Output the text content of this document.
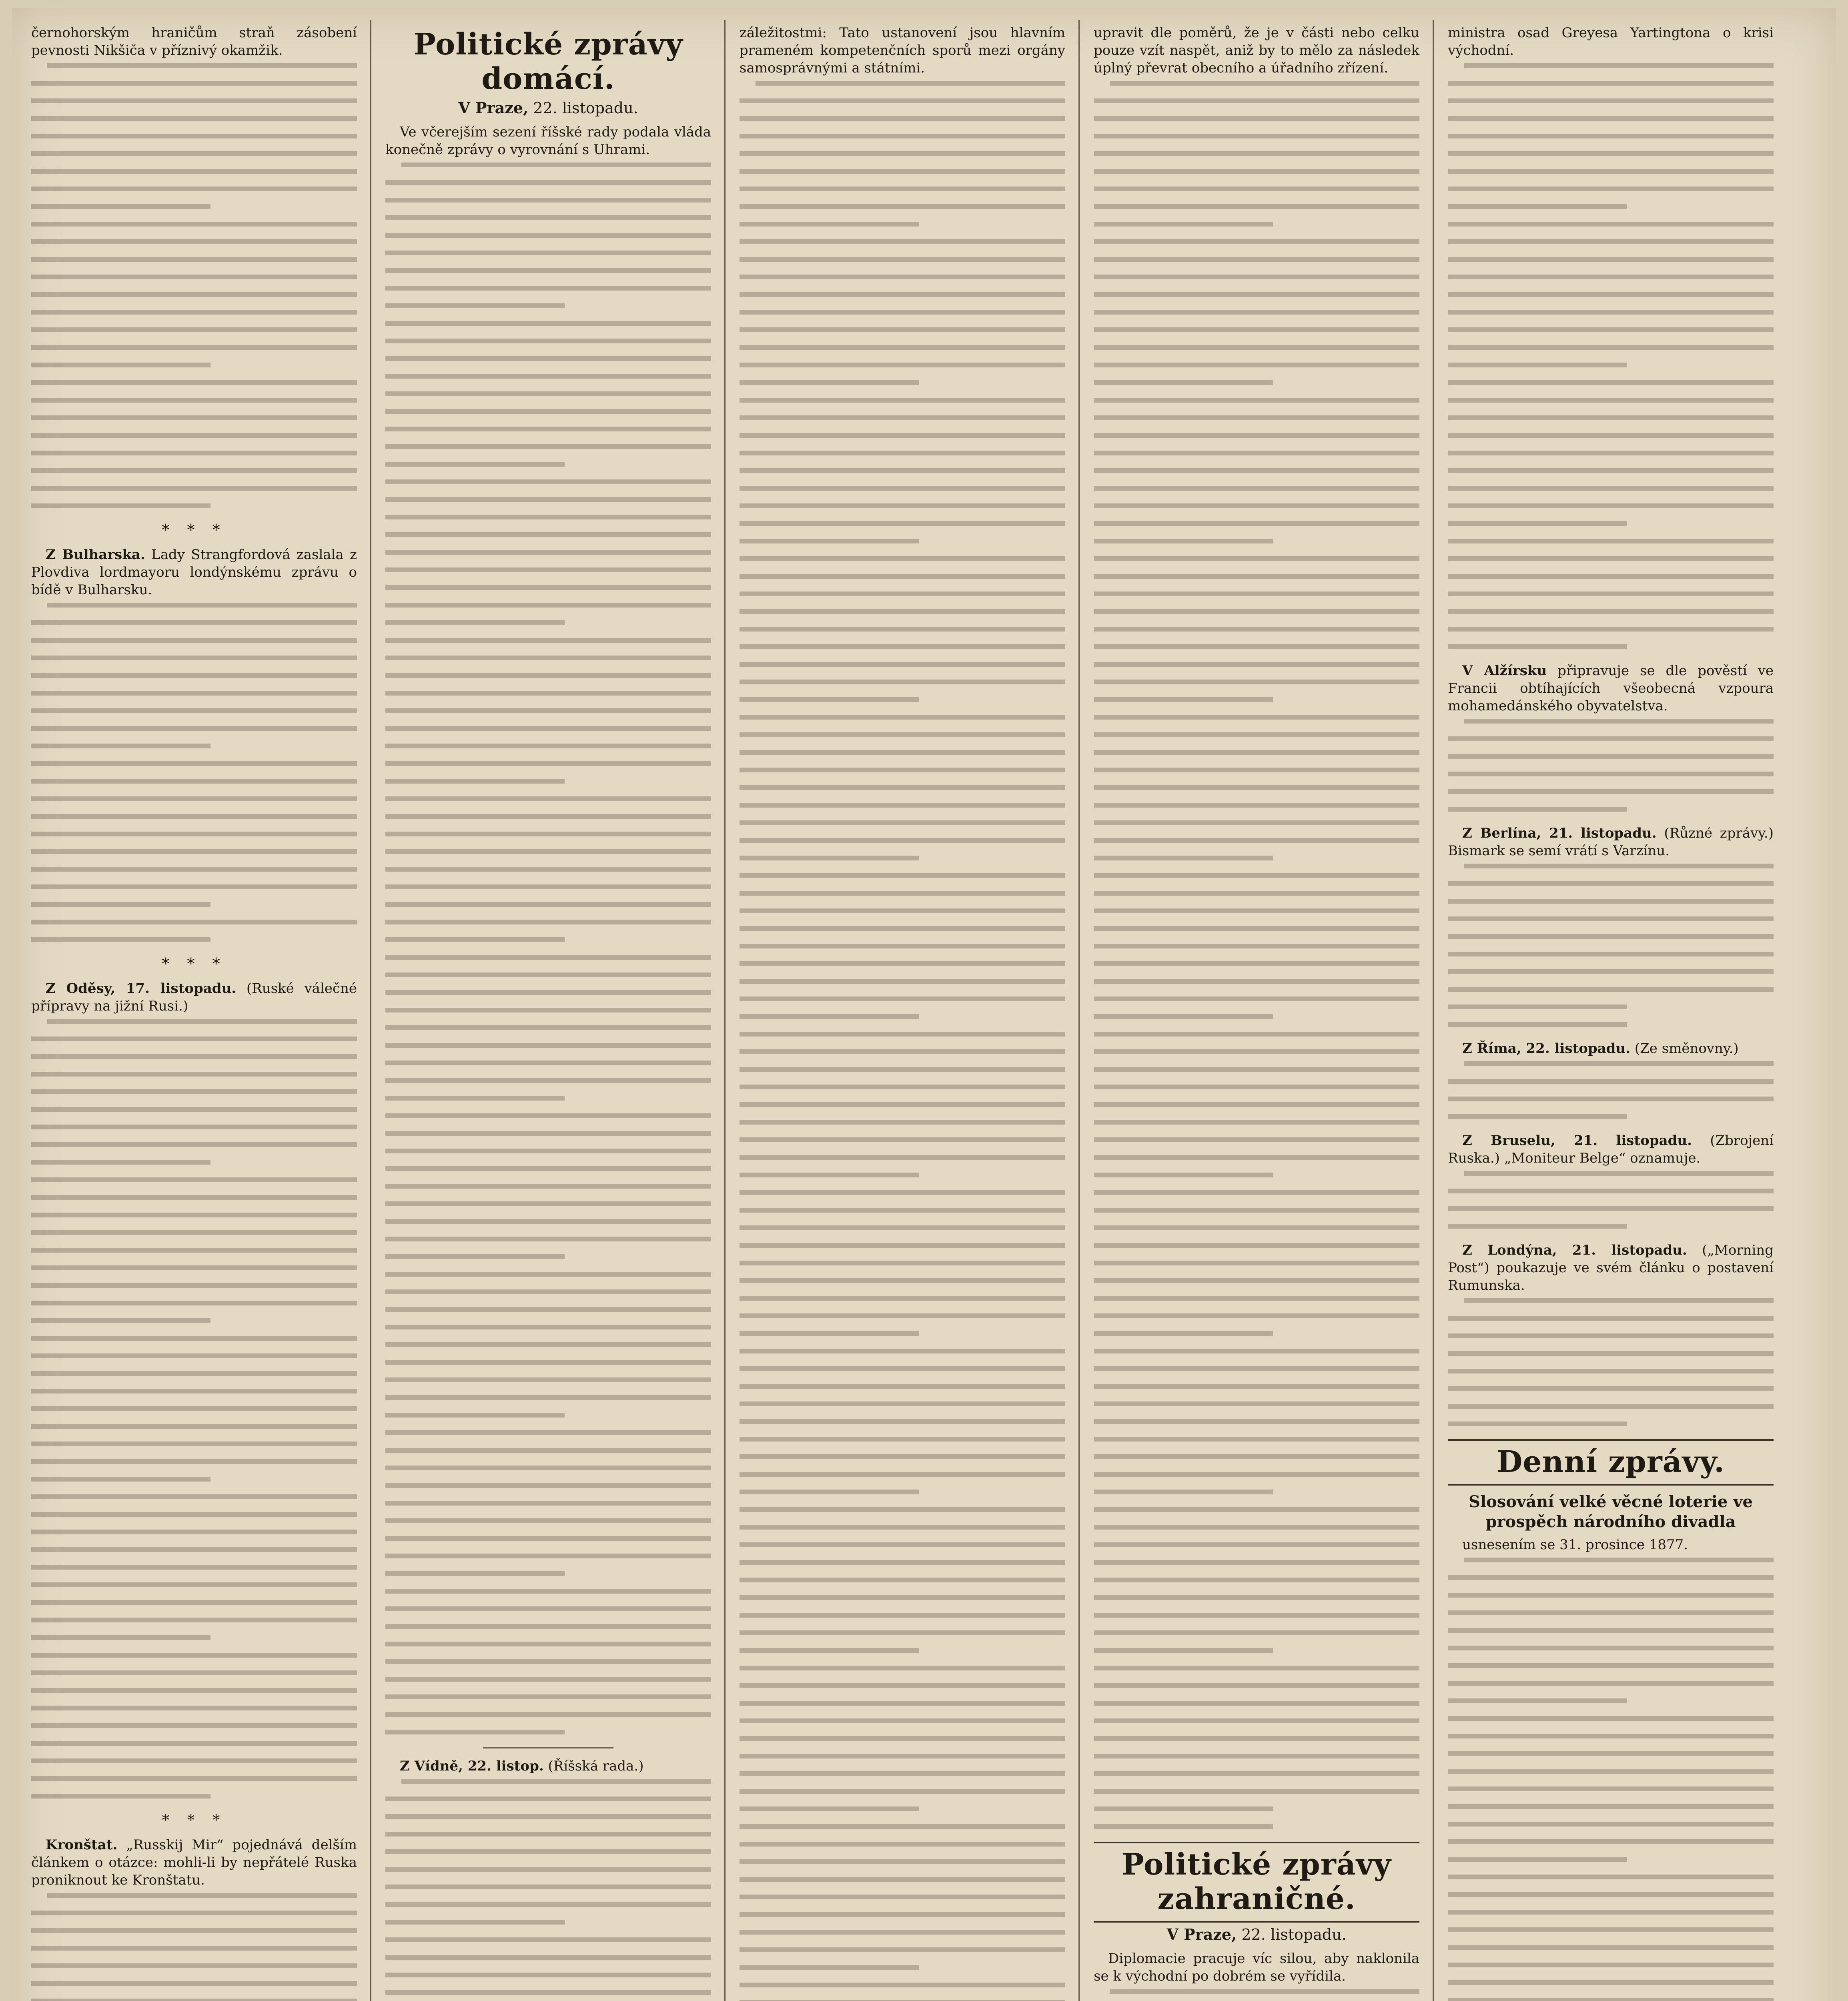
černohorským hraničům straň zásobení pevnosti Nikšiča v příznivý okamžik.

* * *

Z Bulharska. Lady Strangfordová zaslala z Plovdiva lordmayoru londýnskému zprávu o bídě v Bulharsku.

* * *

Z Oděsy, 17. listopadu. (Ruské válečné přípravy na jižní Rusi.)

* * *

Kronštat. „Russkij Mir“ pojednává delším článkem o otázce: mohli-li by nepřátelé Ruska proniknout ke Kronštatu.

Politické zprávy domácí.
V Praze, 22. listopadu.

Ve včerejším sezení říšské rady podala vláda konečně zprávy o vyrovnání s Uhrami.

Z Vídně, 22. listop. (Říšská rada.)

záležitostmi: Tato ustanovení jsou hlavním prameném kompetenčních sporů mezi orgány samosprávnými a státními.

upravit dle poměrů, že je v části nebo celku pouze vzít naspět, aniž by to mělo za následek úplný převrat obecního a úřadního zřízení.

Politické zprávy zahraničné.
V Praze, 22. listopadu.

Diplomacie pracuje víc silou, aby naklonila se k východní po dobrém se vyřídila.

ministra osad Greyesa Yartingtona o krisi východní.

V Alžírsku připravuje se dle pověstí ve Francii obtíhajících všeobecná vzpoura mohamedánského obyvatelstva.

Z Berlína, 21. listopadu. (Různé zprávy.) Bismark se semí vrátí s Varzínu.

Z Říma, 22. listopadu. (Ze směnovny.)

Z Bruselu, 21. listopadu. (Zbrojení Ruska.) „Moniteur Belge“ oznamuje.

Z Londýna, 21. listopadu. („Morning Post“) poukazuje ve svém článku o postavení Rumunska.

Denní zprávy.
Slosování velké věcné loterie ve prospěch národního divadla

usnesením se 31. prosince 1877.
